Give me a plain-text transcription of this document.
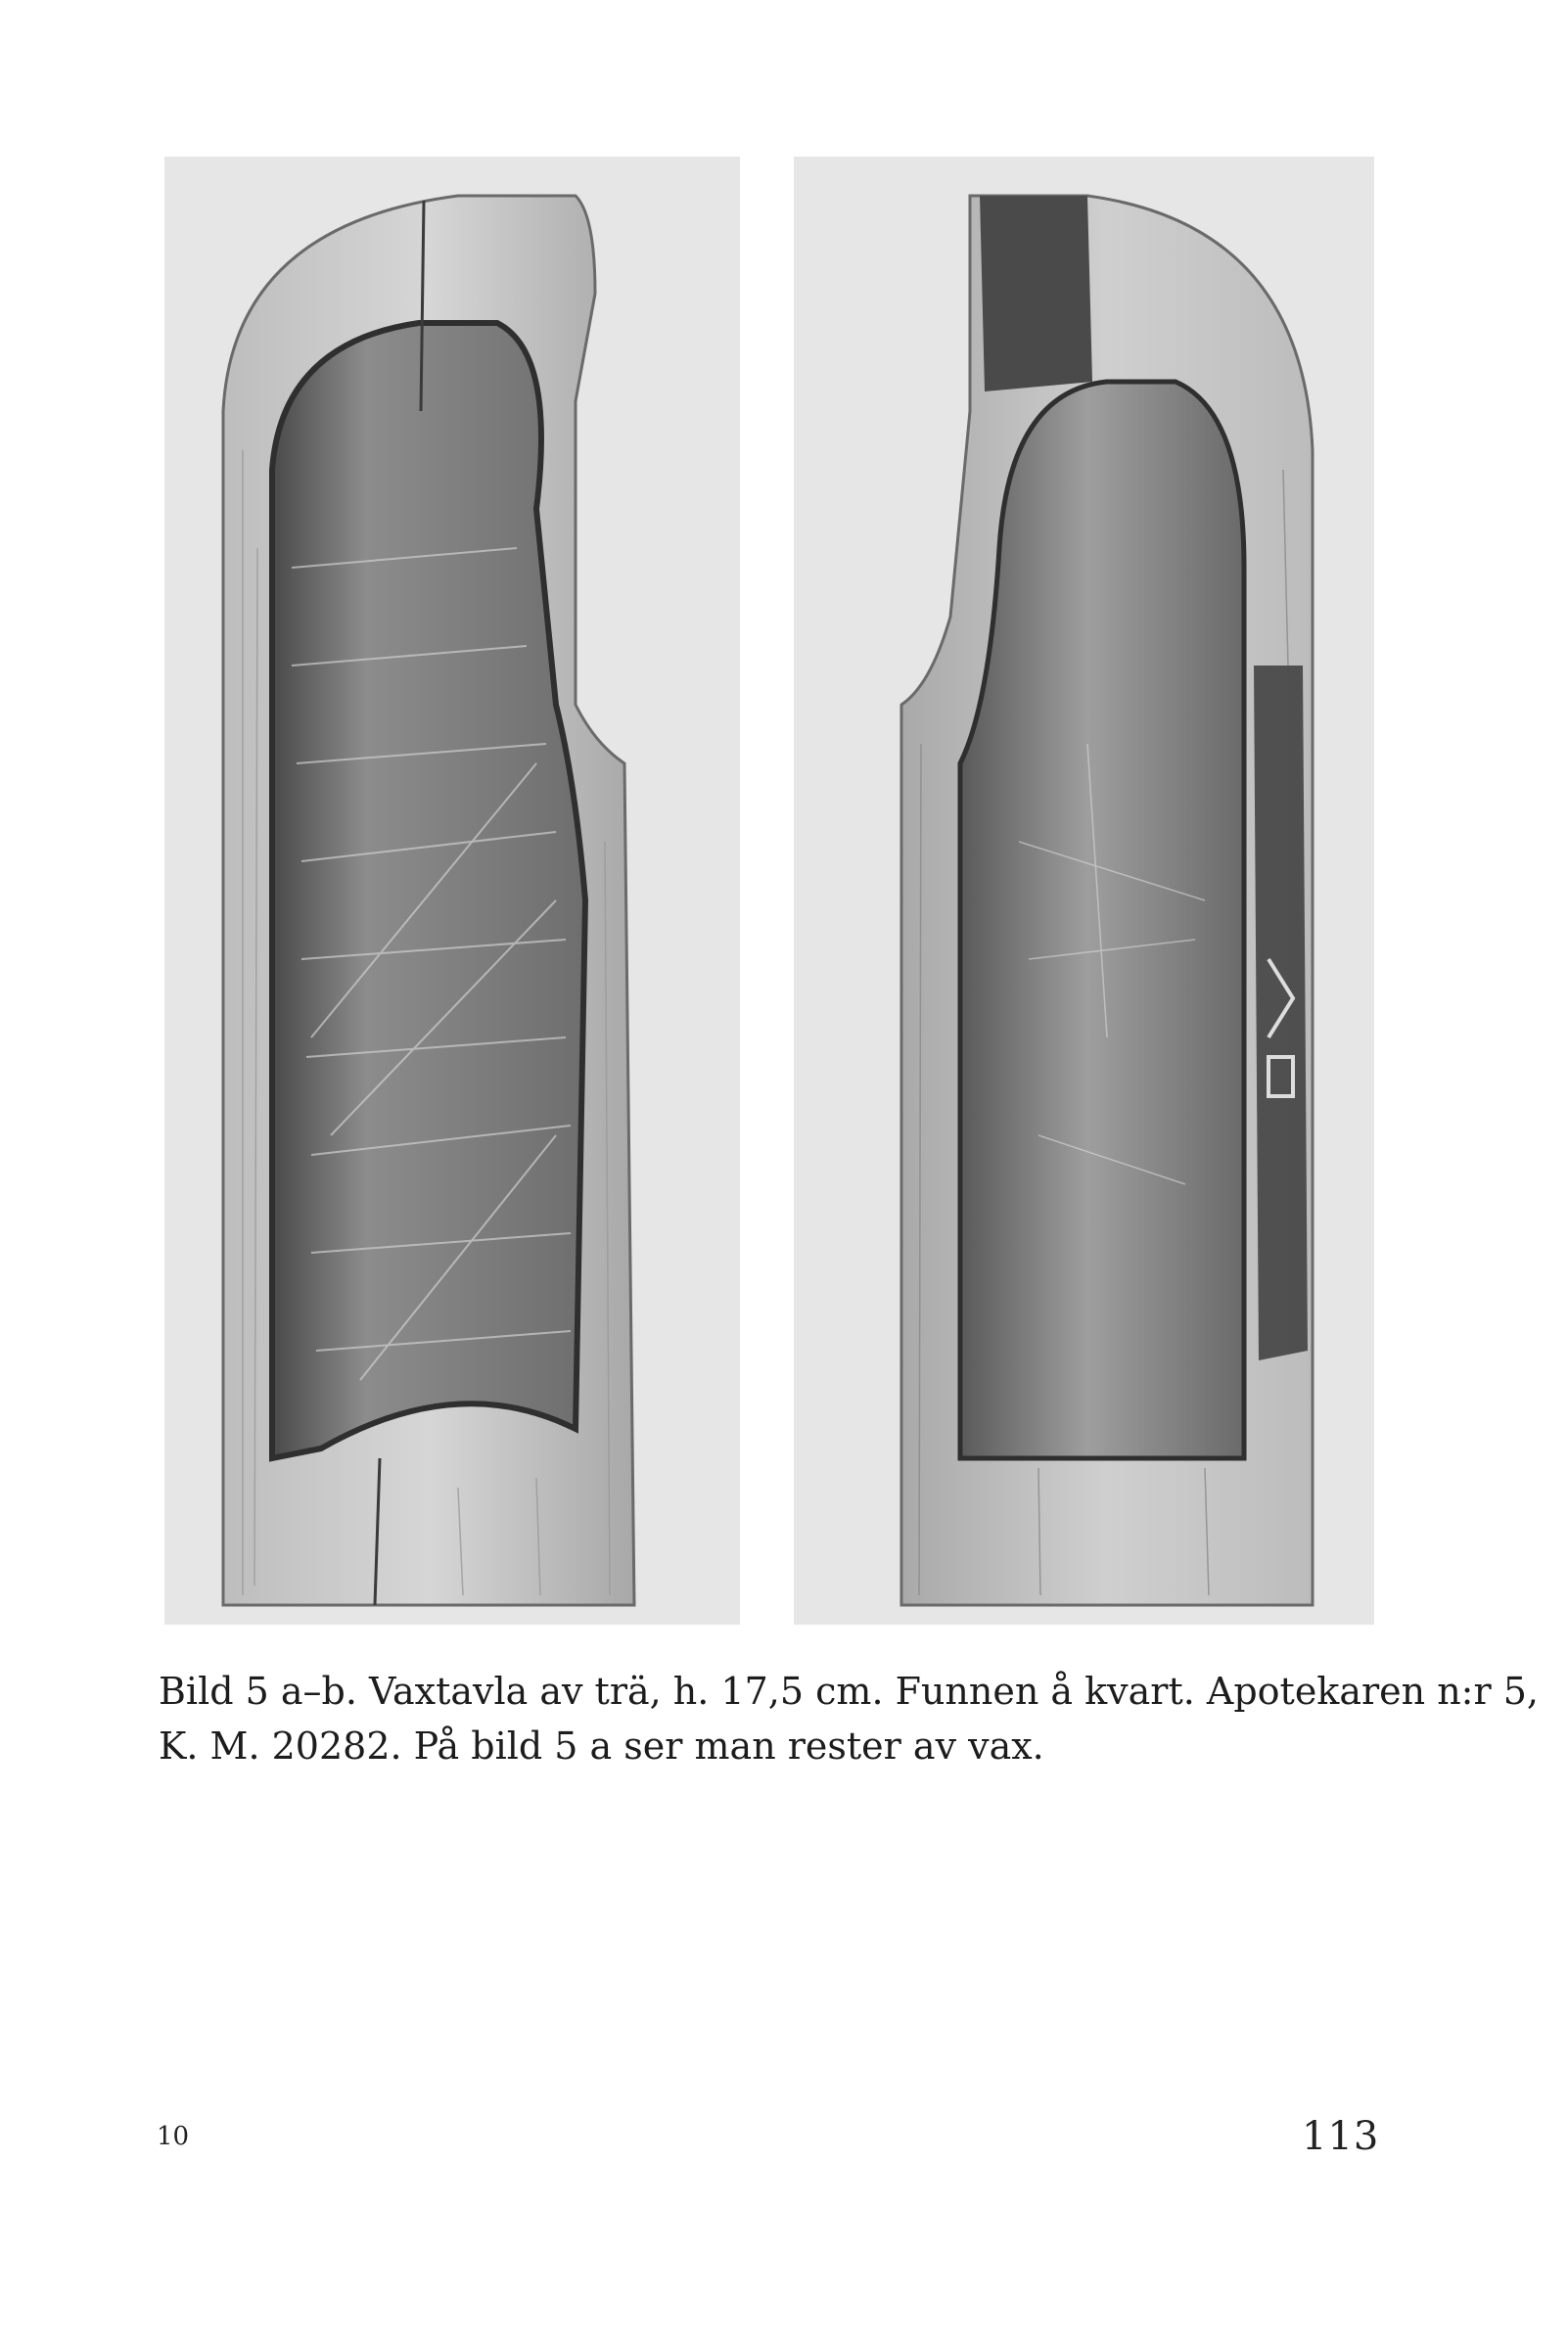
Bild 5 a–b. Vaxtavla av trä, h. 17,5 cm. Funnen å kvart. Apotekaren n:r 5,
K. M. 20282. På bild 5 a ser man rester av vax.

10	113
